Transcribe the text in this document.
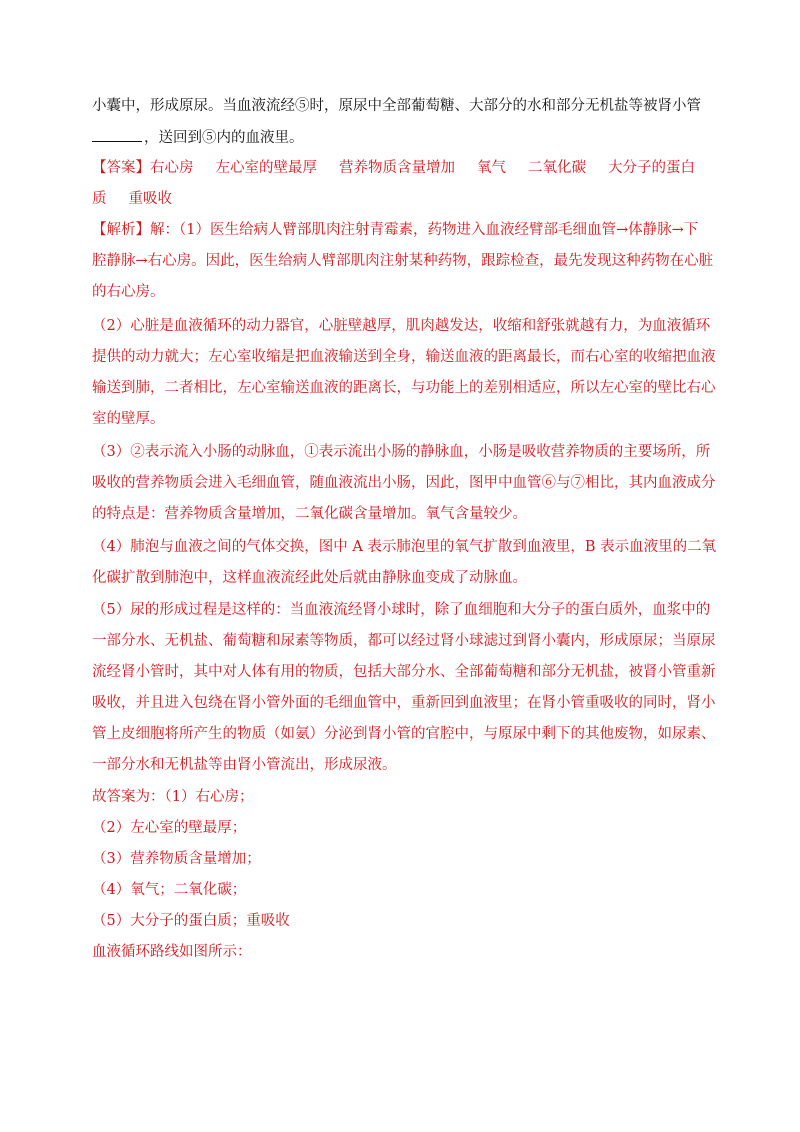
小囊中，形成原尿。当血液流经⑤时，原尿中全部葡萄糖、大部分的水和部分无机盐等被肾小管
，送回到⑤内的血液里。
【答案】右心房 左心室的壁最厚 营养物质含量增加 氧气 二氧化碳 大分子的蛋白
质 重吸收
【解析】解：（1）医生给病人臂部肌肉注射青霉素，药物进入血液经臂部毛细血管→体静脉→下
腔静脉→右心房。因此，医生给病人臂部肌肉注射某种药物，跟踪检查，最先发现这种药物在心脏
的右心房。
（2）心脏是血液循环的动力器官，心脏壁越厚，肌肉越发达，收缩和舒张就越有力，为血液循环
提供的动力就大；左心室收缩是把血液输送到全身，输送血液的距离最长，而右心室的收缩把血液
输送到肺，二者相比，左心室输送血液的距离长，与功能上的差别相适应，所以左心室的壁比右心
室的壁厚。
（3）②表示流入小肠的动脉血，①表示流出小肠的静脉血，小肠是吸收营养物质的主要场所，所
吸收的营养物质会进入毛细血管，随血液流出小肠，因此，图甲中血管⑥与⑦相比，其内血液成分
的特点是：营养物质含量增加，二氧化碳含量增加。氧气含量较少。
（4）肺泡与血液之间的气体交换，图中 A 表示肺泡里的氧气扩散到血液里，B 表示血液里的二氧
化碳扩散到肺泡中，这样血液流经此处后就由静脉血变成了动脉血。
（5）尿的形成过程是这样的：当血液流经肾小球时，除了血细胞和大分子的蛋白质外，血浆中的
一部分水、无机盐、葡萄糖和尿素等物质，都可以经过肾小球滤过到肾小囊内，形成原尿；当原尿
流经肾小管时，其中对人体有用的物质，包括大部分水、全部葡萄糖和部分无机盐，被肾小管重新
吸收，并且进入包绕在肾小管外面的毛细血管中，重新回到血液里；在肾小管重吸收的同时，肾小
管上皮细胞将所产生的物质（如氨）分泌到肾小管的官腔中，与原尿中剩下的其他废物，如尿素、
一部分水和无机盐等由肾小管流出，形成尿液。
故答案为：（1）右心房；
（2）左心室的壁最厚；
（3）营养物质含量增加；
（4）氧气；二氧化碳；
（5）大分子的蛋白质；重吸收
血液循环路线如图所示：
